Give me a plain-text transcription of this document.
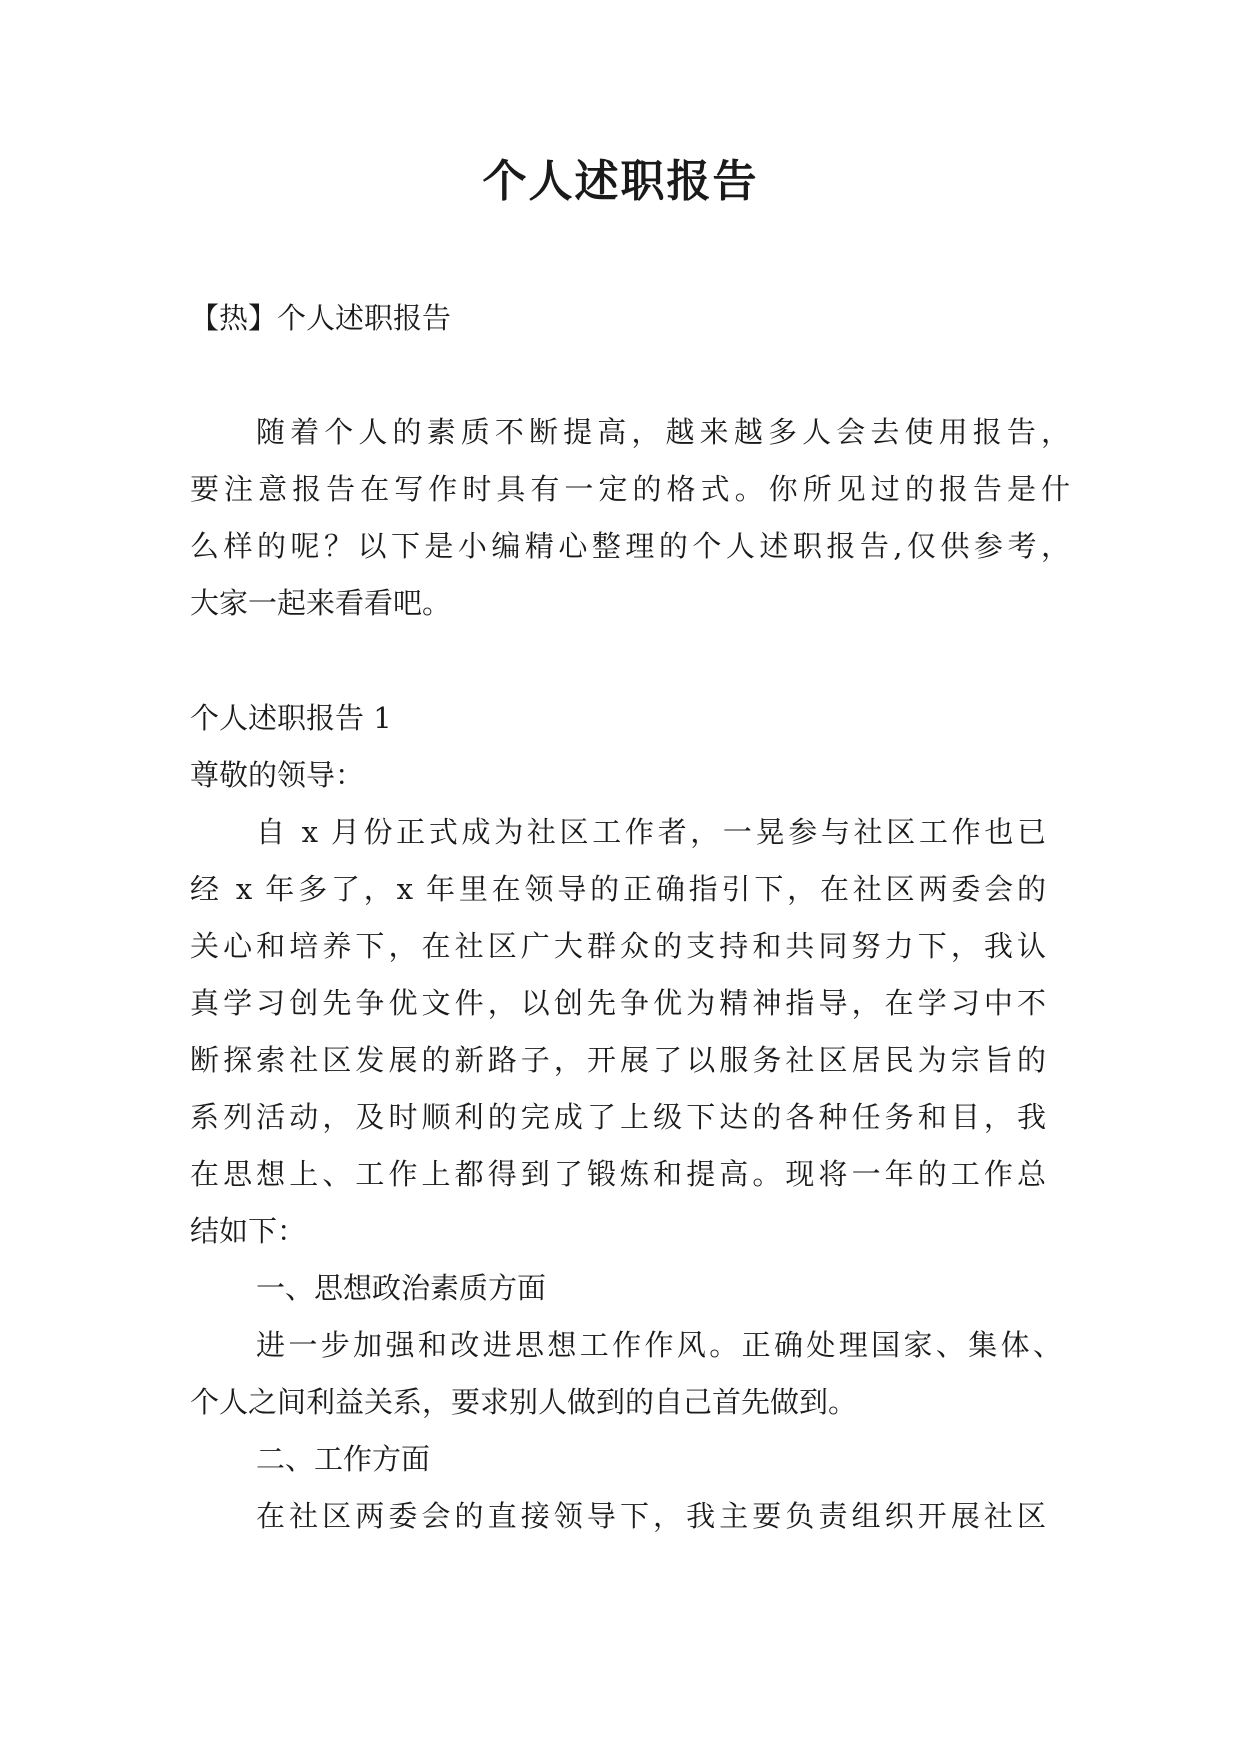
个人述职报告

【热】个人述职报告

随着个人的素质不断提高，越来越多人会去使用报告，

要注意报告在写作时具有一定的格式。你所见过的报告是什

么样的呢？以下是小编精心整理的个人述职报告,仅供参考，

大家一起来看看吧。

个人述职报告 1

尊敬的领导：

自 x 月份正式成为社区工作者，一晃参与社区工作也已

经 x 年多了，x 年里在领导的正确指引下，在社区两委会的

关心和培养下，在社区广大群众的支持和共同努力下，我认

真学习创先争优文件，以创先争优为精神指导，在学习中不

断探索社区发展的新路子，开展了以服务社区居民为宗旨的

系列活动，及时顺利的完成了上级下达的各种任务和目，我

在思想上、工作上都得到了锻炼和提高。现将一年的工作总

结如下：

一、思想政治素质方面

进一步加强和改进思想工作作风。正确处理国家、集体、

个人之间利益关系，要求别人做到的自己首先做到。

二、工作方面

在社区两委会的直接领导下，我主要负责组织开展社区
